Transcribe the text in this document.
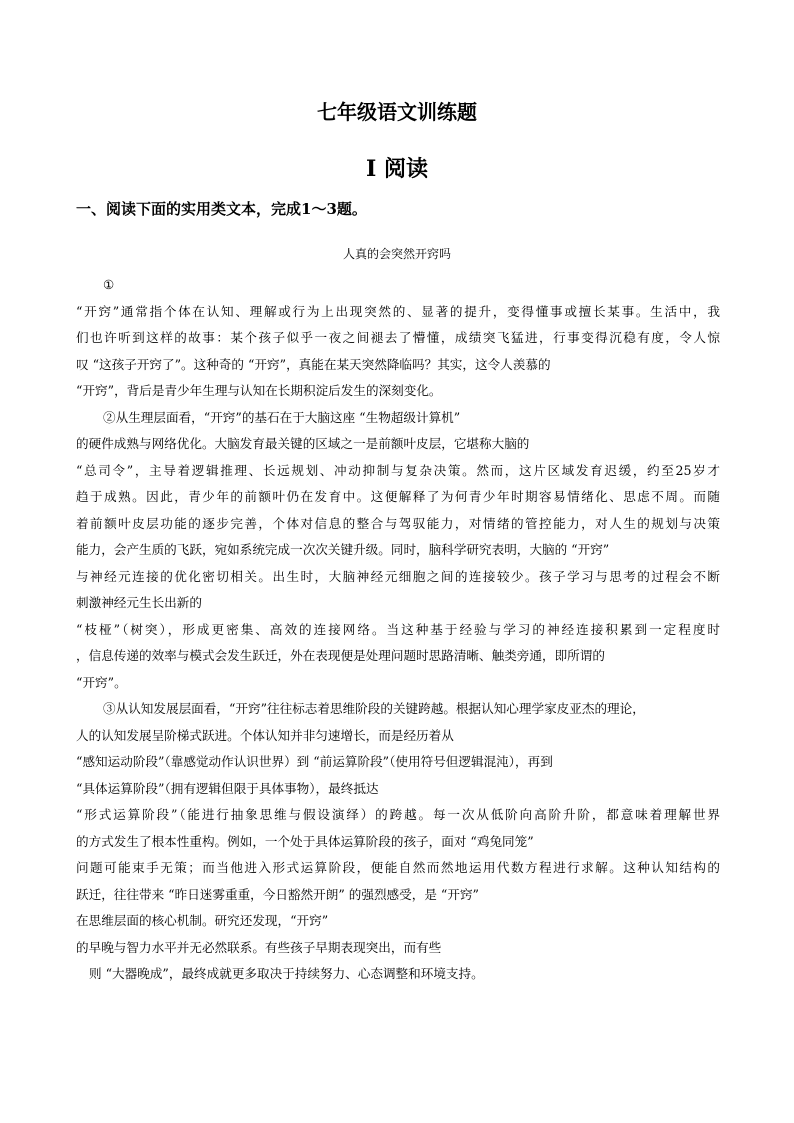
七年级语文训练题
Ⅰ 阅读
一、阅读下面的实用类文本，完成1～3题。
人真的会突然开窍吗
①
“开窍”通常指个体在认知、理解或行为上出现突然的、显著的提升，变得懂事或擅长某事。生活中，我
们也许听到这样的故事：某个孩子似乎一夜之间褪去了懵懂，成绩突飞猛进，行事变得沉稳有度，令人惊
叹 “这孩子开窍了”。这种奇的 “开窍”，真能在某天突然降临吗？其实，这令人羡慕的
“开窍”，背后是青少年生理与认知在长期积淀后发生的深刻变化。
②从生理层面看，“开窍”的基石在于大脑这座 “生物超级计算机”
的硬件成熟与网络优化。大脑发育最关键的区域之一是前额叶皮层，它堪称大脑的
“总司令”，主导着逻辑推理、长远规划、冲动抑制与复杂决策。然而，这片区域发育迟缓，约至25岁才
趋于成熟。因此，青少年的前额叶仍在发育中。这便解释了为何青少年时期容易情绪化、思虑不周。而随
着前额叶皮层功能的逐步完善，个体对信息的整合与驾驭能力，对情绪的管控能力，对人生的规划与决策
能力，会产生质的飞跃，宛如系统完成一次次关键升级。同时，脑科学研究表明，大脑的 “开窍”
与神经元连接的优化密切相关。出生时，大脑神经元细胞之间的连接较少。孩子学习与思考的过程会不断
刺激神经元生长出新的
“枝桠”（树突），形成更密集、高效的连接网络。当这种基于经验与学习的神经连接积累到一定程度时
，信息传递的效率与模式会发生跃迁，外在表现便是处理问题时思路清晰、触类旁通，即所谓的
“开窍”。
③从认知发展层面看，“开窍”往往标志着思维阶段的关键跨越。根据认知心理学家皮亚杰的理论，
人的认知发展呈阶梯式跃进。个体认知并非匀速增长，而是经历着从
“感知运动阶段”（靠感觉动作认识世界）到 “前运算阶段”（使用符号但逻辑混沌），再到
“具体运算阶段”（拥有逻辑但限于具体事物），最终抵达
“形式运算阶段”（能进行抽象思维与假设演绎）的跨越。每一次从低阶向高阶升阶，都意味着理解世界
的方式发生了根本性重构。例如，一个处于具体运算阶段的孩子，面对 “鸡兔同笼”
问题可能束手无策；而当他进入形式运算阶段，便能自然而然地运用代数方程进行求解。这种认知结构的
跃迁，往往带来 “昨日迷雾重重，今日豁然开朗” 的强烈感受，是 “开窍”
在思维层面的核心机制。研究还发现，“开窍”
的早晚与智力水平并无必然联系。有些孩子早期表现突出，而有些
则 “大器晚成”，最终成就更多取决于持续努力、心态调整和环境支持。
